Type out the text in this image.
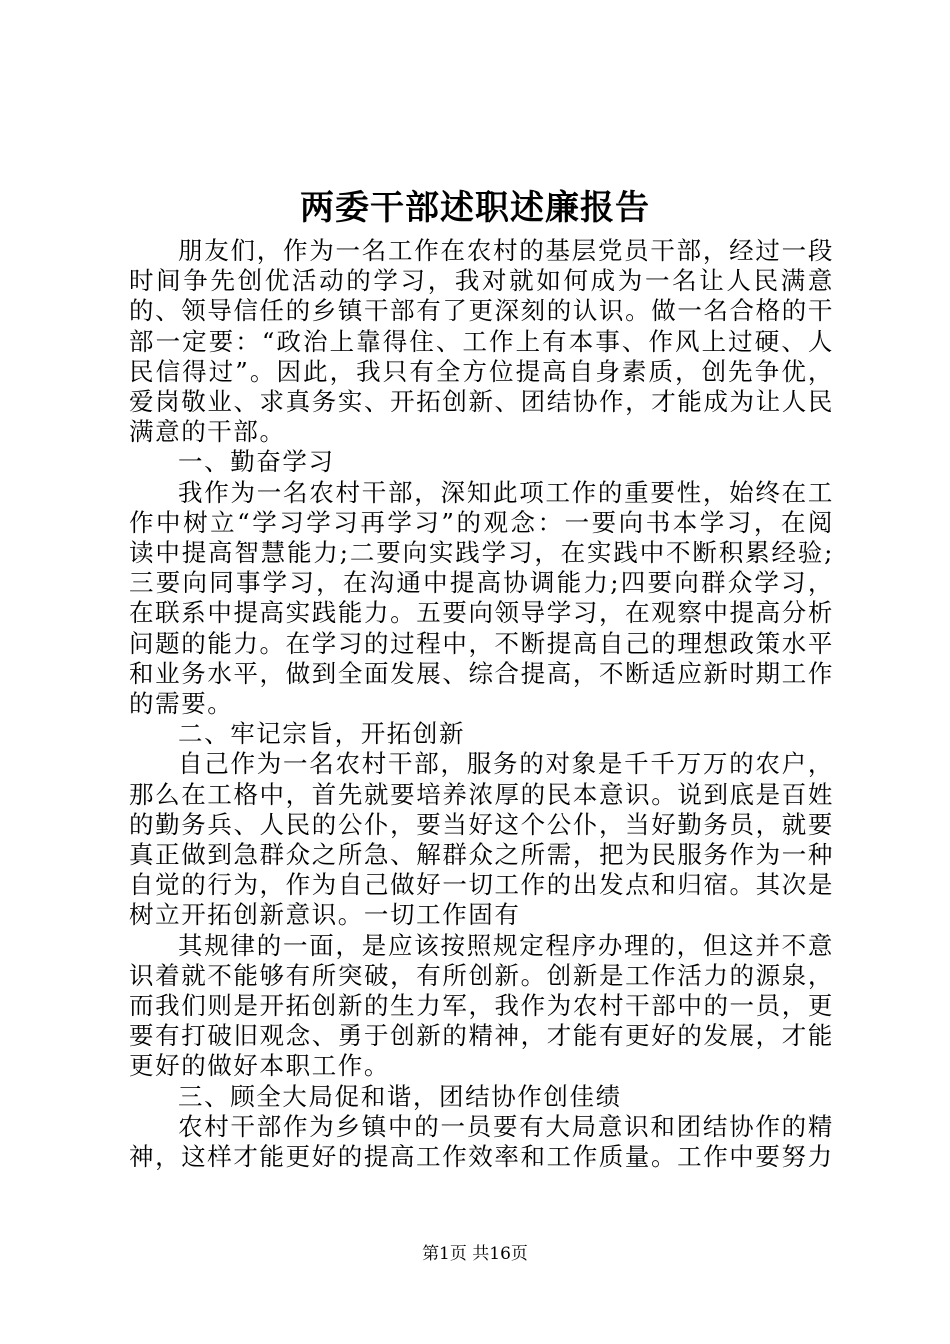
两委干部述职述廉报告

朋友们，作为一名工作在农村的基层党员干部，经过一段时间争先创优活动的学习，我对就如何成为一名让人民满意的、领导信任的乡镇干部有了更深刻的认识。做一名合格的干部一定要：“政治上靠得住、工作上有本事、作风上过硬、人民信得过”。因此，我只有全方位提高自身素质，创先争优，爱岗敬业、求真务实、开拓创新、团结协作，才能成为让人民满意的干部。

一、勤奋学习

我作为一名农村干部，深知此项工作的重要性，始终在工作中树立“学习学习再学习”的观念：一要向书本学习，在阅读中提高智慧能力;二要向实践学习，在实践中不断积累经验;三要向同事学习，在沟通中提高协调能力;四要向群众学习，在联系中提高实践能力。五要向领导学习，在观察中提高分析问题的能力。在学习的过程中，不断提高自己的理想政策水平和业务水平，做到全面发展、综合提高，不断适应新时期工作的需要。

二、牢记宗旨，开拓创新

自己作为一名农村干部，服务的对象是千千万万的农户，那么在工格中，首先就要培养浓厚的民本意识。说到底是百姓的勤务兵、人民的公仆，要当好这个公仆，当好勤务员，就要真正做到急群众之所急、解群众之所需，把为民服务作为一种自觉的行为，作为自己做好一切工作的出发点和归宿。其次是树立开拓创新意识。一切工作固有

其规律的一面，是应该按照规定程序办理的，但这并不意识着就不能够有所突破，有所创新。创新是工作活力的源泉，而我们则是开拓创新的生力军，我作为农村干部中的一员，更要有打破旧观念、勇于创新的精神，才能有更好的发展，才能更好的做好本职工作。

三、顾全大局促和谐，团结协作创佳绩

农村干部作为乡镇中的一员要有大局意识和团结协作的精神，这样才能更好的提高工作效率和工作质量。工作中要努力

第1页 共16页
